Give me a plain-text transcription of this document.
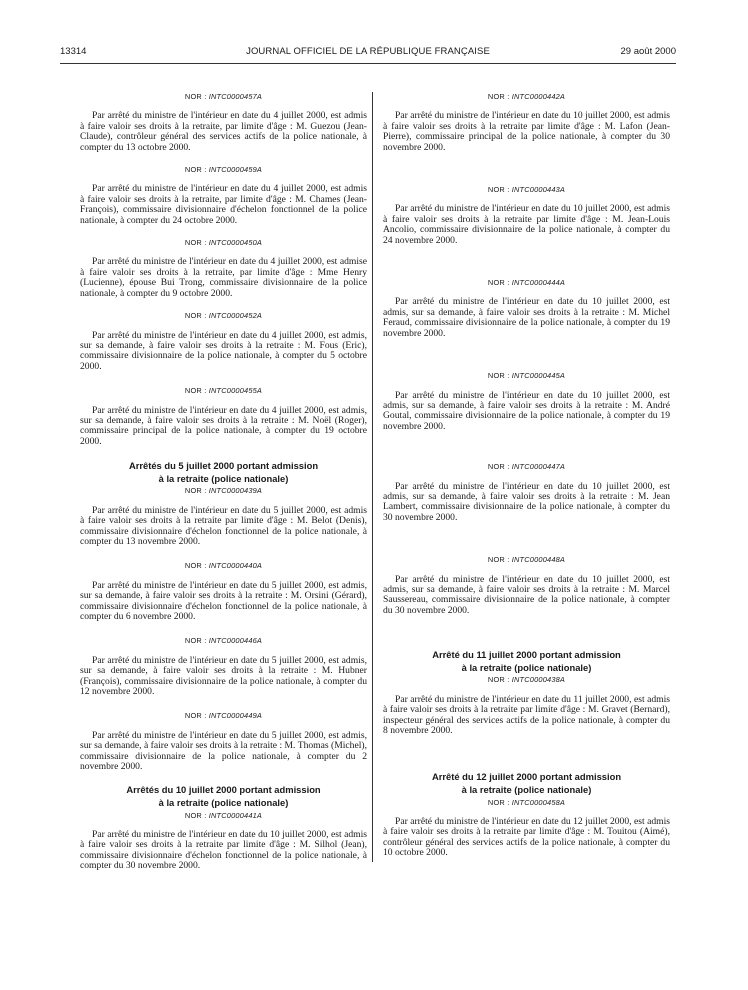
13314	JOURNAL OFFICIEL DE LA RÉPUBLIQUE FRANÇAISE	29 août 2000
NOR : INTC0000457A

Par arrêté du ministre de l'intérieur en date du 4 juillet 2000, est admis à faire valoir ses droits à la retraite, par limite d'âge : M. Guezou (Jean-Claude), contrôleur général des services actifs de la police nationale, à compter du 13 octobre 2000.

NOR : INTC0000459A

Par arrêté du ministre de l'intérieur en date du 4 juillet 2000, est admis à faire valoir ses droits à la retraite, par limite d'âge : M. Chames (Jean-François), commissaire divisionnaire d'échelon fonctionnel de la police nationale, à compter du 24 octobre 2000.

NOR : INTC0000450A

Par arrêté du ministre de l'intérieur en date du 4 juillet 2000, est admise à faire valoir ses droits à la retraite, par limite d'âge : Mme Henry (Lucienne), épouse Bui Trong, commissaire divisionnaire de la police nationale, à compter du 9 octobre 2000.

NOR : INTC0000452A

Par arrêté du ministre de l'intérieur en date du 4 juillet 2000, est admis, sur sa demande, à faire valoir ses droits à la retraite : M. Fous (Eric), commissaire divisionnaire de la police nationale, à compter du 5 octobre 2000.

NOR : INTC0000455A

Par arrêté du ministre de l'intérieur en date du 4 juillet 2000, est admis, sur sa demande, à faire valoir ses droits à la retraite : M. Noël (Roger), commissaire principal de la police nationale, à compter du 19 octobre 2000.

Arrêtés du 5 juillet 2000 portant admission
à la retraite (police nationale)
NOR : INTC0000439A

Par arrêté du ministre de l'intérieur en date du 5 juillet 2000, est admis à faire valoir ses droits à la retraite par limite d'âge : M. Belot (Denis), commissaire divisionnaire d'échelon fonctionnel de la police nationale, à compter du 13 novembre 2000.

NOR : INTC0000440A

Par arrêté du ministre de l'intérieur en date du 5 juillet 2000, est admis, sur sa demande, à faire valoir ses droits à la retraite : M. Orsini (Gérard), commissaire divisionnaire d'échelon fonctionnel de la police nationale, à compter du 6 novembre 2000.

NOR : INTC0000446A

Par arrêté du ministre de l'intérieur en date du 5 juillet 2000, est admis, sur sa demande, à faire valoir ses droits à la retraite : M. Hubner (François), commissaire divisionnaire de la police nationale, à compter du 12 novembre 2000.

NOR : INTC0000449A

Par arrêté du ministre de l'intérieur en date du 5 juillet 2000, est admis, sur sa demande, à faire valoir ses droits à la retraite : M. Thomas (Michel), commissaire divisionnaire de la police nationale, à compter du 2 novembre 2000.

Arrêtés du 10 juillet 2000 portant admission
à la retraite (police nationale)
NOR : INTC0000441A

Par arrêté du ministre de l'intérieur en date du 10 juillet 2000, est admis à faire valoir ses droits à la retraite par limite d'âge : M. Silhol (Jean), commissaire divisionnaire d'échelon fonctionnel de la police nationale, à compter du 30 novembre 2000.

NOR : INTC0000442A

Par arrêté du ministre de l'intérieur en date du 10 juillet 2000, est admis à faire valoir ses droits à la retraite par limite d'âge : M. Lafon (Jean-Pierre), commissaire principal de la police nationale, à compter du 30 novembre 2000.

NOR : INTC0000443A

Par arrêté du ministre de l'intérieur en date du 10 juillet 2000, est admis à faire valoir ses droits à la retraite par limite d'âge : M. Jean-Louis Ancolio, commissaire divisionnaire de la police nationale, à compter du 24 novembre 2000.

NOR : INTC0000444A

Par arrêté du ministre de l'intérieur en date du 10 juillet 2000, est admis, sur sa demande, à faire valoir ses droits à la retraite : M. Michel Feraud, commissaire divisionnaire de la police nationale, à compter du 19 novembre 2000.

NOR : INTC0000445A

Par arrêté du ministre de l'intérieur en date du 10 juillet 2000, est admis, sur sa demande, à faire valoir ses droits à la retraite : M. André Goutal, commissaire divisionnaire de la police nationale, à compter du 19 novembre 2000.

NOR : INTC0000447A

Par arrêté du ministre de l'intérieur en date du 10 juillet 2000, est admis, sur sa demande, à faire valoir ses droits à la retraite : M. Jean Lambert, commissaire divisionnaire de la police nationale, à compter du 30 novembre 2000.

NOR : INTC0000448A

Par arrêté du ministre de l'intérieur en date du 10 juillet 2000, est admis, sur sa demande, à faire valoir ses droits à la retraite : M. Marcel Saussereau, commissaire divisionnaire de la police nationale, à compter du 30 novembre 2000.

Arrêté du 11 juillet 2000 portant admission
à la retraite (police nationale)
NOR : INTC0000438A

Par arrêté du ministre de l'intérieur en date du 11 juillet 2000, est admis à faire valoir ses droits à la retraite par limite d'âge : M. Gravet (Bernard), inspecteur général des services actifs de la police nationale, à compter du 8 novembre 2000.

Arrêté du 12 juillet 2000 portant admission
à la retraite (police nationale)
NOR : INTC0000458A

Par arrêté du ministre de l'intérieur en date du 12 juillet 2000, est admis à faire valoir ses droits à la retraite par limite d'âge : M. Touitou (Aimé), contrôleur général des services actifs de la police nationale, à compter du 10 octobre 2000.
